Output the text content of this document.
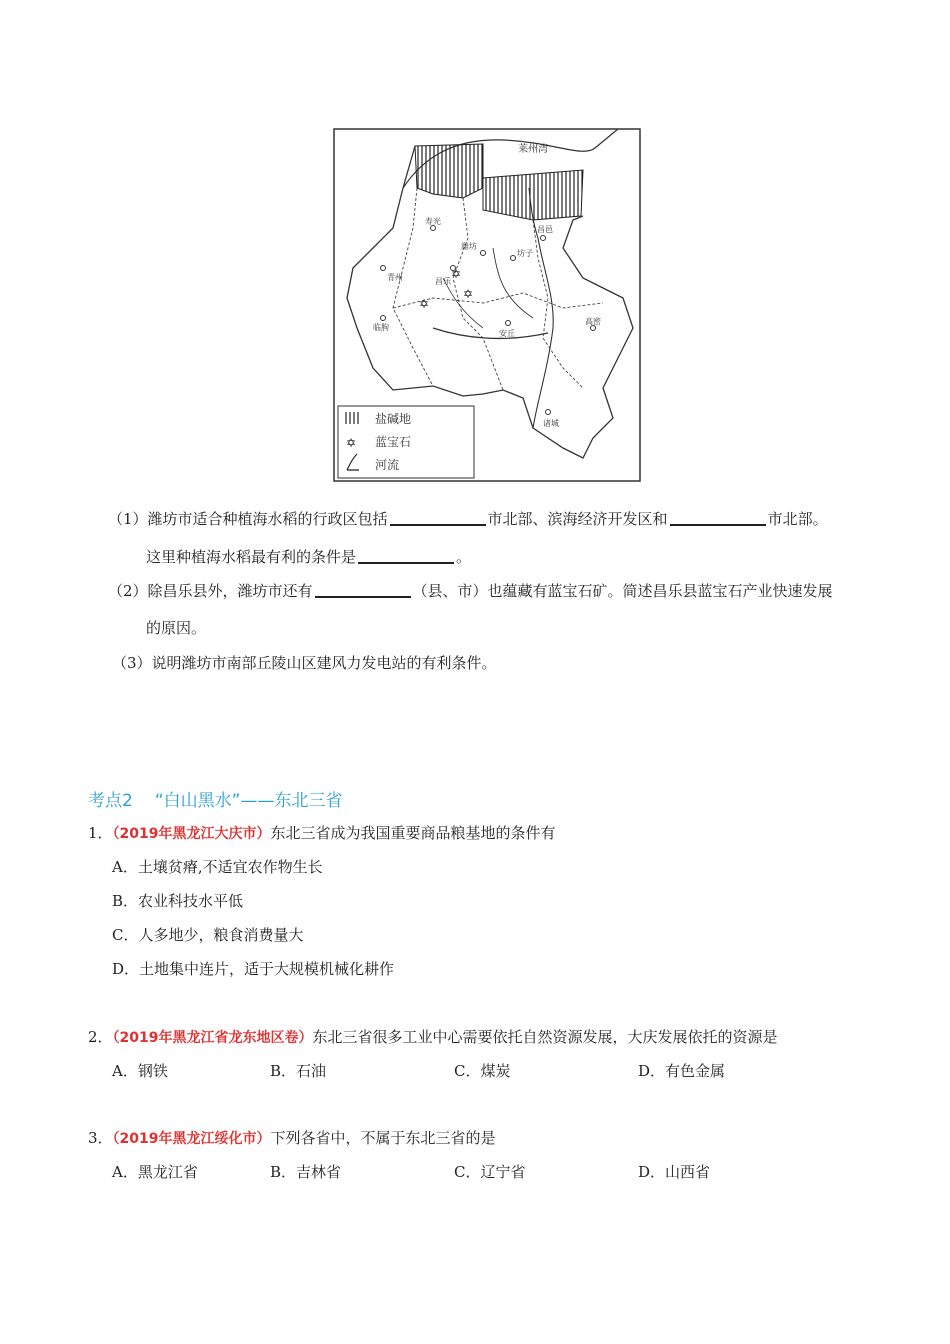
莱州湾
寿光
潍坊
坊子
昌邑
青州
临朐
安丘
高密
诸城
昌乐
✡
✡
✡
盐碱地
✡ 蓝宝石
河流
（1）潍坊市适合种植海水稻的行政区包括	市北部、滨海经济开发区和	市北部。
这里种植海水稻最有利的条件是	。
（2）除昌乐县外，潍坊市还有	（县、市）也蕴藏有蓝宝石矿。简述昌乐县蓝宝石产业快速发展
的原因。
（3）说明潍坊市南部丘陵山区建风力发电站的有利条件。
考点2 “白山黑水”——东北三省
1．（2019年黑龙江大庆市）东北三省成为我国重要商品粮基地的条件有
A．土壤贫瘠,不适宜农作物生长
B．农业科技水平低
C．人多地少，粮食消费量大
D．土地集中连片，适于大规模机械化耕作
2．（2019年黑龙江省龙东地区卷）东北三省很多工业中心需要依托自然资源发展，大庆发展依托的资源是
A．钢铁	B．石油	C．煤炭	D．有色金属
3．（2019年黑龙江绥化市）下列各省中，不属于东北三省的是
A．黑龙江省	B．吉林省	C．辽宁省	D．山西省
